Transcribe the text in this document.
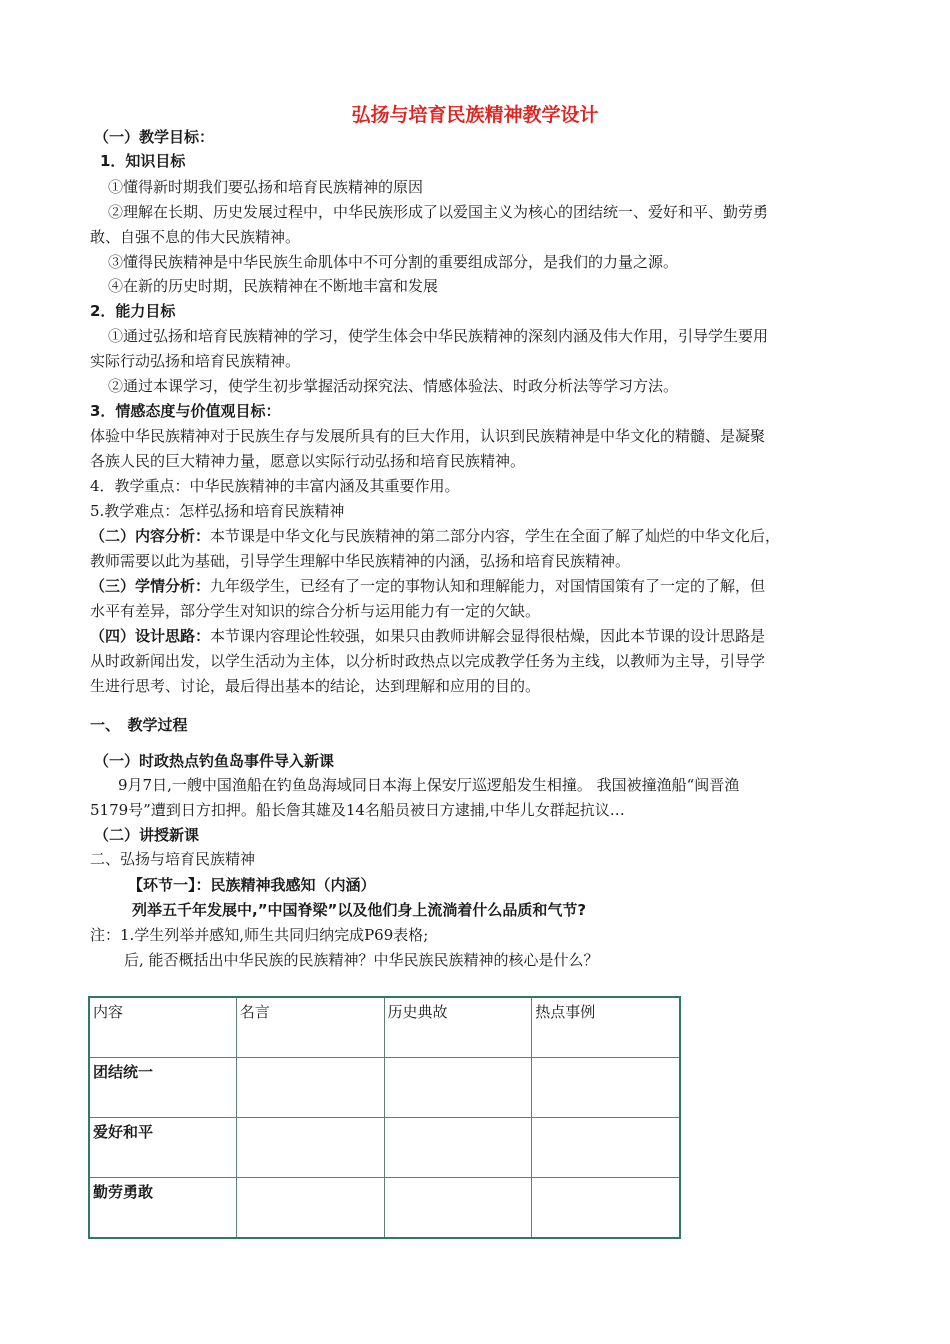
弘扬与培育民族精神教学设计
（一）教学目标：
1．知识目标
①懂得新时期我们要弘扬和培育民族精神的原因
②理解在长期、历史发展过程中，中华民族形成了以爱国主义为核心的团结统一、爱好和平、勤劳勇
敢、自强不息的伟大民族精神。
③懂得民族精神是中华民族生命肌体中不可分割的重要组成部分，是我们的力量之源。
④在新的历史时期，民族精神在不断地丰富和发展
2．能力目标
①通过弘扬和培育民族精神的学习，使学生体会中华民族精神的深刻内涵及伟大作用，引导学生要用
实际行动弘扬和培育民族精神。
②通过本课学习，使学生初步掌握活动探究法、情感体验法、时政分析法等学习方法。
3．情感态度与价值观目标：
体验中华民族精神对于民族生存与发展所具有的巨大作用，认识到民族精神是中华文化的精髓、是凝聚
各族人民的巨大精神力量，愿意以实际行动弘扬和培育民族精神。
4．教学重点：中华民族精神的丰富内涵及其重要作用。
5.教学难点：怎样弘扬和培育民族精神
（二）内容分析：本节课是中华文化与民族精神的第二部分内容，学生在全面了解了灿烂的中华文化后，
教师需要以此为基础，引导学生理解中华民族精神的内涵，弘扬和培育民族精神。
（三）学情分析：九年级学生，已经有了一定的事物认知和理解能力，对国情国策有了一定的了解，但
水平有差异，部分学生对知识的综合分析与运用能力有一定的欠缺。
（四）设计思路：本节课内容理论性较强，如果只由教师讲解会显得很枯燥，因此本节课的设计思路是
从时政新闻出发，以学生活动为主体，以分析时政热点以完成教学任务为主线，以教师为主导，引导学
生进行思考、讨论，最后得出基本的结论，达到理解和应用的目的。
一、　教学过程
（一）时政热点钓鱼岛事件导入新课
9月7日,一艘中国渔船在钓鱼岛海域同日本海上保安厅巡逻船发生相撞。 我国被撞渔船“闽晋渔
5179号”遭到日方扣押。船长詹其雄及14名船员被日方逮捕,中华儿女群起抗议…
（二）讲授新课
二、弘扬与培育民族精神
【环节一】：民族精神我感知（内涵）
列举五千年发展中,”中国脊梁”以及他们身上流淌着什么品质和气节?
注：1.学生列举并感知,师生共同归纳完成P69表格;
后, 能否概括出中华民族的民族精神？中华民族民族精神的核心是什么？
内容	名言	历史典故	热点事例
团结统一			
爱好和平			
勤劳勇敢			
